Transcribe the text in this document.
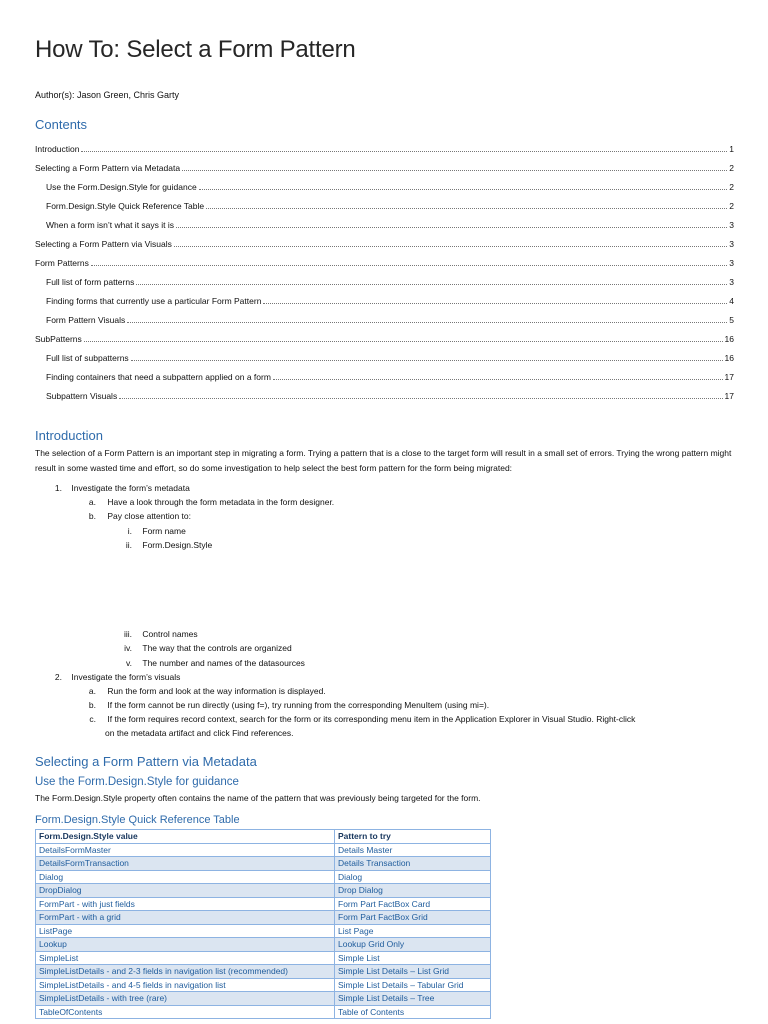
How To: Select a Form Pattern
Author(s): Jason Green, Chris Garty
Contents
Introduction	1
Selecting a Form Pattern via Metadata	2
Use the Form.Design.Style for guidance	2
Form.Design.Style Quick Reference Table	2
When a form isn’t what it says it is	3
Selecting a Form Pattern via Visuals	3
Form Patterns	3
Full list of form patterns	3
Finding forms that currently use a particular Form Pattern	4
Form Pattern Visuals	5
SubPatterns	16
Full list of subpatterns	16
Finding containers that need a subpattern applied on a form	17
Subpattern Visuals	17
Introduction

The selection of a Form Pattern is an important step in migrating a form. Trying a pattern that is a close to the target form will result in a small set of errors. Trying the wrong pattern might result in some wasted time and effort, so do some investigation to help select the best form pattern for the form being migrated:

1. Investigate the form’s metadata
a. Have a look through the form metadata in the form designer.
b. Pay close attention to:
i. Form name
ii. Form.Design.Style
iii. Control names
iv. The way that the controls are organized
v. The number and names of the datasources
2. Investigate the form’s visuals
a. Run the form and look at the way information is displayed.
b. If the form cannot be run directly (using f=), try running from the corresponding MenuItem (using mi=).
c. If the form requires record context, search for the form or its corresponding menu item in the Application Explorer in Visual Studio. Right-click
on the metadata artifact and click Find references.
Selecting a Form Pattern via Metadata
Use the Form.Design.Style for guidance

The Form.Design.Style property often contains the name of the pattern that was previously being targeted for the form.

Form.Design.Style Quick Reference Table
Form.Design.Style value	Pattern to try
DetailsFormMaster	Details Master
DetailsFormTransaction	Details Transaction
Dialog	Dialog
DropDialog	Drop Dialog
FormPart - with just fields	Form Part FactBox Card
FormPart - with a grid	Form Part FactBox Grid
ListPage	List Page
Lookup	Lookup Grid Only
SimpleList	Simple List
SimpleListDetails - and 2-3 fields in navigation list (recommended)	Simple List Details – List Grid
SimpleListDetails - and 4-5 fields in navigation list	Simple List Details – Tabular Grid
SimpleListDetails - with tree (rare)	Simple List Details – Tree
TableOfContents	Table of Contents
